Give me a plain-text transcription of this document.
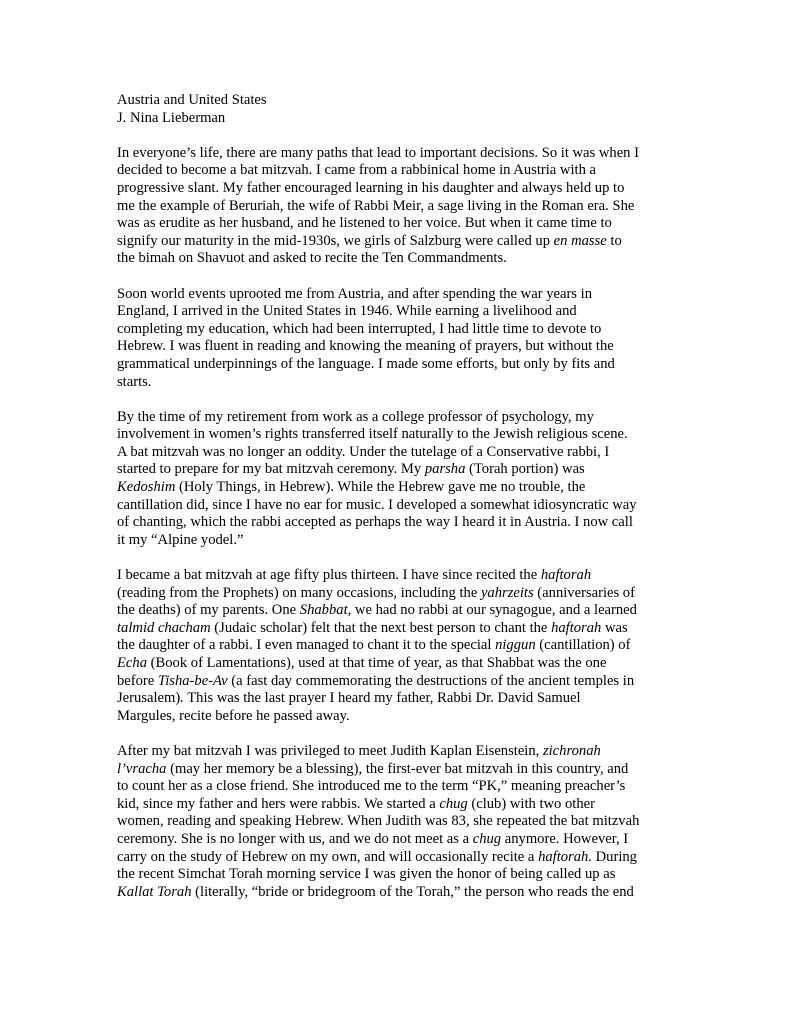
Austria and United States
J. Nina Lieberman
In everyone’s life, there are many paths that lead to important decisions. So it was when I
decided to become a bat mitzvah. I came from a rabbinical home in Austria with a
progressive slant. My father encouraged learning in his daughter and always held up to
me the example of Beruriah, the wife of Rabbi Meir, a sage living in the Roman era. She
was as erudite as her husband, and he listened to her voice. But when it came time to
signify our maturity in the mid-1930s, we girls of Salzburg were called up en masse to
the bimah on Shavuot and asked to recite the Ten Commandments.
Soon world events uprooted me from Austria, and after spending the war years in
England, I arrived in the United States in 1946. While earning a livelihood and
completing my education, which had been interrupted, I had little time to devote to
Hebrew. I was fluent in reading and knowing the meaning of prayers, but without the
grammatical underpinnings of the language. I made some efforts, but only by fits and
starts.
By the time of my retirement from work as a college professor of psychology, my
involvement in women’s rights transferred itself naturally to the Jewish religious scene.
A bat mitzvah was no longer an oddity. Under the tutelage of a Conservative rabbi, I
started to prepare for my bat mitzvah ceremony. My parsha (Torah portion) was
Kedoshim (Holy Things, in Hebrew). While the Hebrew gave me no trouble, the
cantillation did, since I have no ear for music. I developed a somewhat idiosyncratic way
of chanting, which the rabbi accepted as perhaps the way I heard it in Austria. I now call
it my “Alpine yodel.”
I became a bat mitzvah at age fifty plus thirteen. I have since recited the haftorah
(reading from the Prophets) on many occasions, including the yahrzeits (anniversaries of
the deaths) of my parents. One Shabbat, we had no rabbi at our synagogue, and a learned
talmid chacham (Judaic scholar) felt that the next best person to chant the haftorah was
the daughter of a rabbi. I even managed to chant it to the special niggun (cantillation) of
Echa (Book of Lamentations), used at that time of year, as that Shabbat was the one
before Tisha-be-Av (a fast day commemorating the destructions of the ancient temples in
Jerusalem). This was the last prayer I heard my father, Rabbi Dr. David Samuel
Margules, recite before he passed away.
After my bat mitzvah I was privileged to meet Judith Kaplan Eisenstein, zichronah
l’vracha (may her memory be a blessing), the first-ever bat mitzvah in this country, and
to count her as a close friend. She introduced me to the term “PK,” meaning preacher’s
kid, since my father and hers were rabbis. We started a chug (club) with two other
women, reading and speaking Hebrew. When Judith was 83, she repeated the bat mitzvah
ceremony. She is no longer with us, and we do not meet as a chug anymore. However, I
carry on the study of Hebrew on my own, and will occasionally recite a haftorah. During
the recent Simchat Torah morning service I was given the honor of being called up as
Kallat Torah (literally, “bride or bridegroom of the Torah,” the person who reads the end
